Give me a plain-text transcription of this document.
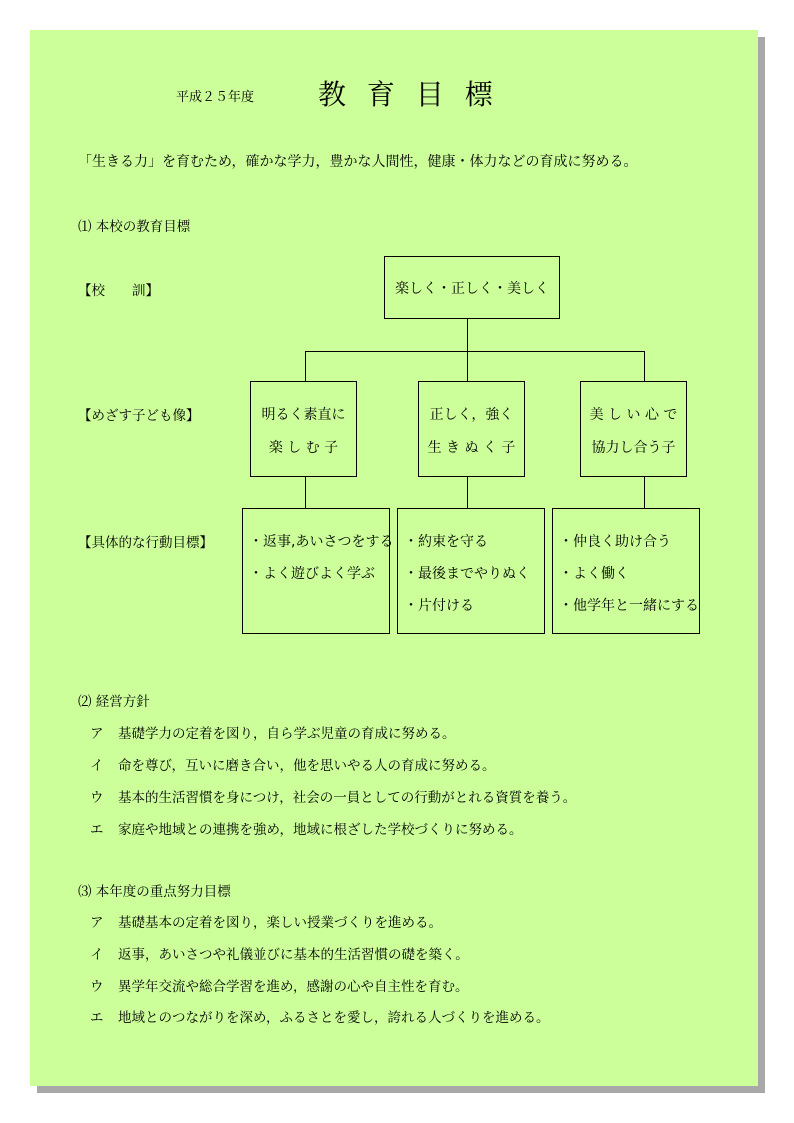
平成２５年度 教 育 目 標
「生きる力」を育むため，確かな学力，豊かな人間性，健康・体力などの育成に努める。
⑴ 本校の教育目標
【校　　訓】
【めざす子ども像】
【具体的な行動目標】
楽しく・正しく・美しく
明るく素直に
楽 し む 子
正しく，強く
生 き ぬ く 子
美 し い 心 で
協力し合う子
・返事,あいさつをする
・よく遊びよく学ぶ
・約束を守る
・最後までやりぬく
・片付ける
・仲良く助け合う
・よく働く
・他学年と一緒にする
⑵ 経営方針
ア 基礎学力の定着を図り，自ら学ぶ児童の育成に努める。
イ 命を尊び，互いに磨き合い，他を思いやる人の育成に努める。
ウ 基本的生活習慣を身につけ，社会の一員としての行動がとれる資質を養う。
エ 家庭や地域との連携を強め，地域に根ざした学校づくりに努める。
⑶ 本年度の重点努力目標
ア 基礎基本の定着を図り，楽しい授業づくりを進める。
イ 返事，あいさつや礼儀並びに基本的生活習慣の礎を築く。
ウ 異学年交流や総合学習を進め，感謝の心や自主性を育む。
エ 地域とのつながりを深め，ふるさとを愛し，誇れる人づくりを進める。
